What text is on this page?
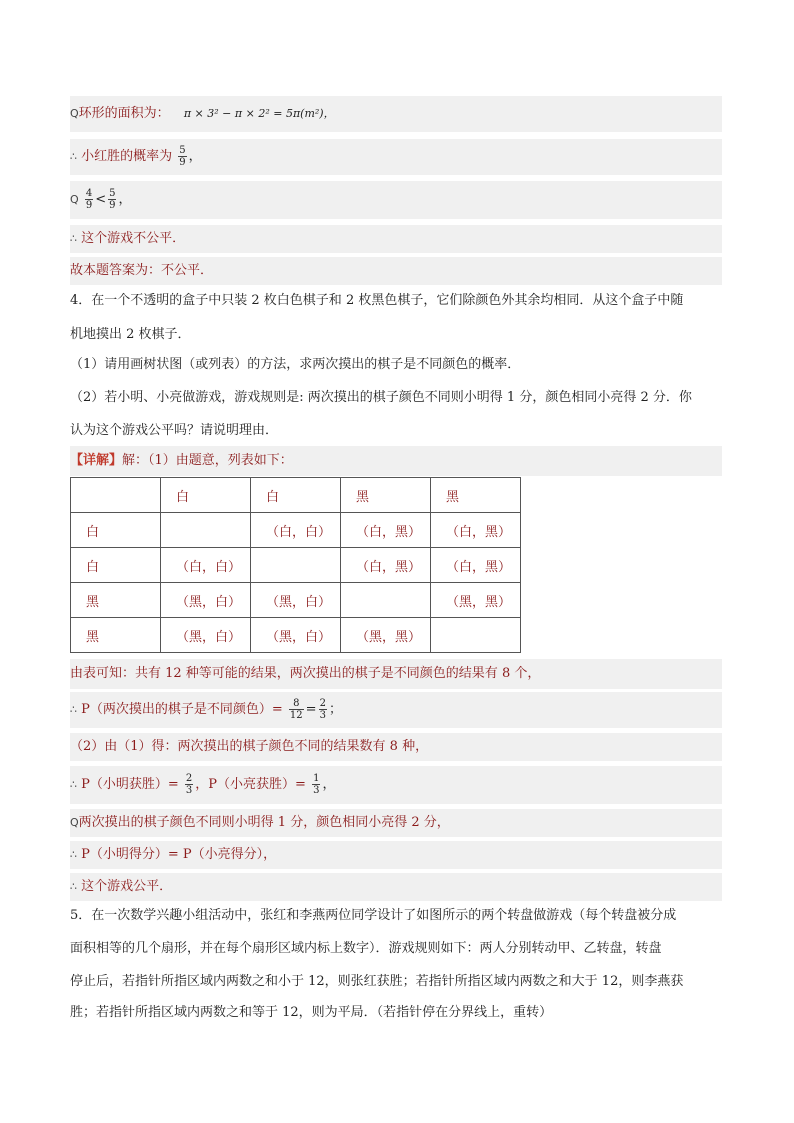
Q环形的面积为： π × 3² − π × 2² = 5π(m²)，
∴ 小红胜的概率为 $\frac{5}{9}$ ，
Q $\frac{4}{9} < \frac{5}{9}$ ，
∴ 这个游戏不公平．
故本题答案为：不公平．
4．在一个不透明的盒子中只装 2 枚白色棋子和 2 枚黑色棋子，它们除颜色外其余均相同．从这个盒子中随
机地摸出 2 枚棋子．
（1）请用画树状图（或列表）的方法，求两次摸出的棋子是不同颜色的概率．
（2）若小明、小亮做游戏，游戏规则是: 两次摸出的棋子颜色不同则小明得 1 分，颜色相同小亮得 2 分．你
认为这个游戏公平吗？请说明理由．
【详解】解：（1）由题意，列表如下：
	白	白	黑	黑
白		（白，白）	（白，黑）	（白，黑）
白	（白，白）		（白，黑）	（白，黑）
黑	（黑，白）	（黑，白）		（黑，黑）
黑	（黑，白）	（黑，白）	（黑，黑）	
由表可知：共有 12 种等可能的结果，两次摸出的棋子是不同颜色的结果有 8 个，
∴ P（两次摸出的棋子是不同颜色）= $\frac{8}{12} = \frac{2}{3}$ ；
（2）由（1）得：两次摸出的棋子颜色不同的结果数有 8 种，
∴ P（小明获胜）= $\frac{2}{3}$ ，P（小亮获胜）= $\frac{1}{3}$ ，
Q两次摸出的棋子颜色不同则小明得 1 分，颜色相同小亮得 2 分，
∴ P（小明得分）= P（小亮得分），
∴ 这个游戏公平．
5．在一次数学兴趣小组活动中，张红和李燕两位同学设计了如图所示的两个转盘做游戏（每个转盘被分成
面积相等的几个扇形，并在每个扇形区域内标上数字）．游戏规则如下：两人分别转动甲、乙转盘，转盘
停止后，若指针所指区域内两数之和小于 12，则张红获胜；若指针所指区域内两数之和大于 12，则李燕获
胜；若指针所指区域内两数之和等于 12，则为平局．（若指针停在分界线上，重转）
